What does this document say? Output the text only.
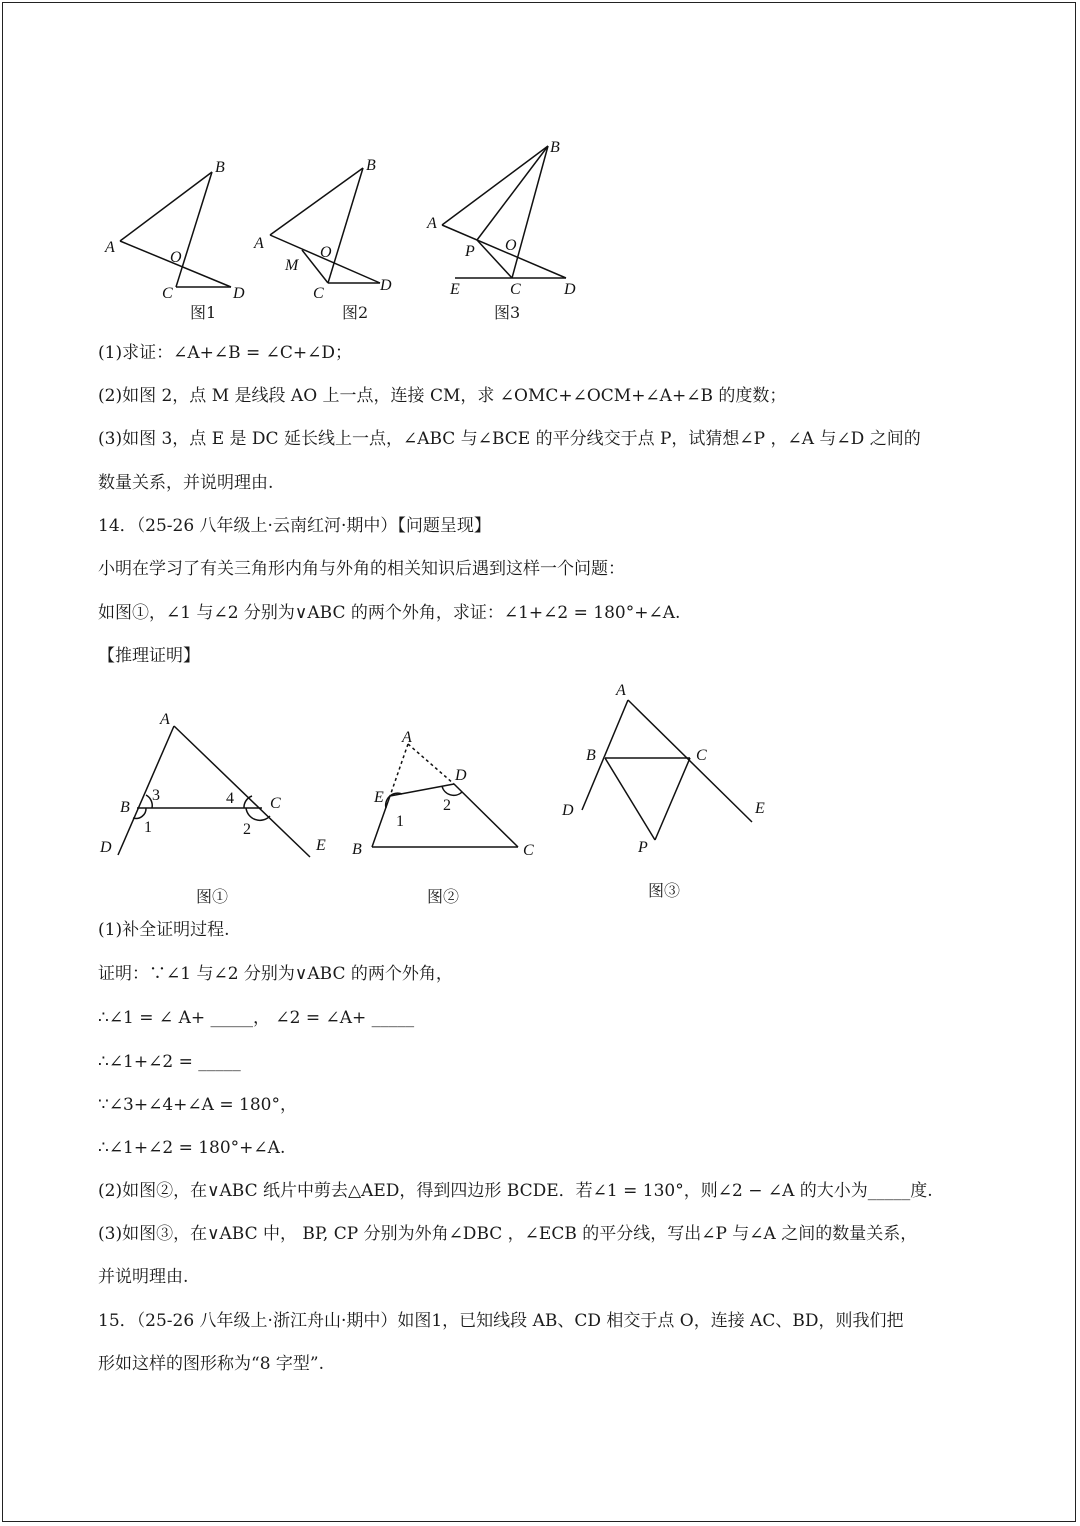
A
B
O
C	D
A
B
O
M
C	D
A
B
O
P
E	C	D
图1	图2	图3
(1)求证：∠A+∠B = ∠C+∠D；
(2)如图 2，点 M 是线段 AO 上一点，连接 CM，求 ∠OMC+∠OCM+∠A+∠B 的度数；
(3)如图 3，点 E 是 DC 延长线上一点，∠ABC 与∠BCE 的平分线交于点 P，试猜想∠P ，∠A 与∠D 之间的
数量关系，并说明理由.
14．（25-26 八年级上·云南红河·期中）【问题呈现】
小明在学习了有关三角形内角与外角的相关知识后遇到这样一个问题：
如图①，∠1 与∠2 分别为∨ABC 的两个外角，求证：∠1+∠2 = 180°+∠A.
【推理证明】
A
B	C
D	E
3
1
4
2
A
D
E
1
2
B	C
A
B	C
D	E
P
图①	图②	图③
(1)补全证明过程.
证明：∵∠1 与∠2 分别为∨ABC 的两个外角，
∴∠1 = ∠ A+ _____， ∠2 = ∠A+ _____
∴∠1+∠2 = _____
∵∠3+∠4+∠A = 180°，
∴∠1+∠2 = 180°+∠A.
(2)如图②，在∨ABC 纸片中剪去△AED，得到四边形 BCDE．若∠1 = 130°，则∠2 − ∠A 的大小为_____度.
(3)如图③，在∨ABC 中， BP, CP 分别为外角∠DBC ，∠ECB 的平分线，写出∠P 与∠A 之间的数量关系，
并说明理由.
15．（25-26 八年级上·浙江舟山·期中）如图1，已知线段 AB、CD 相交于点 O，连接 AC、BD，则我们把
形如这样的图形称为“8 字型”.
